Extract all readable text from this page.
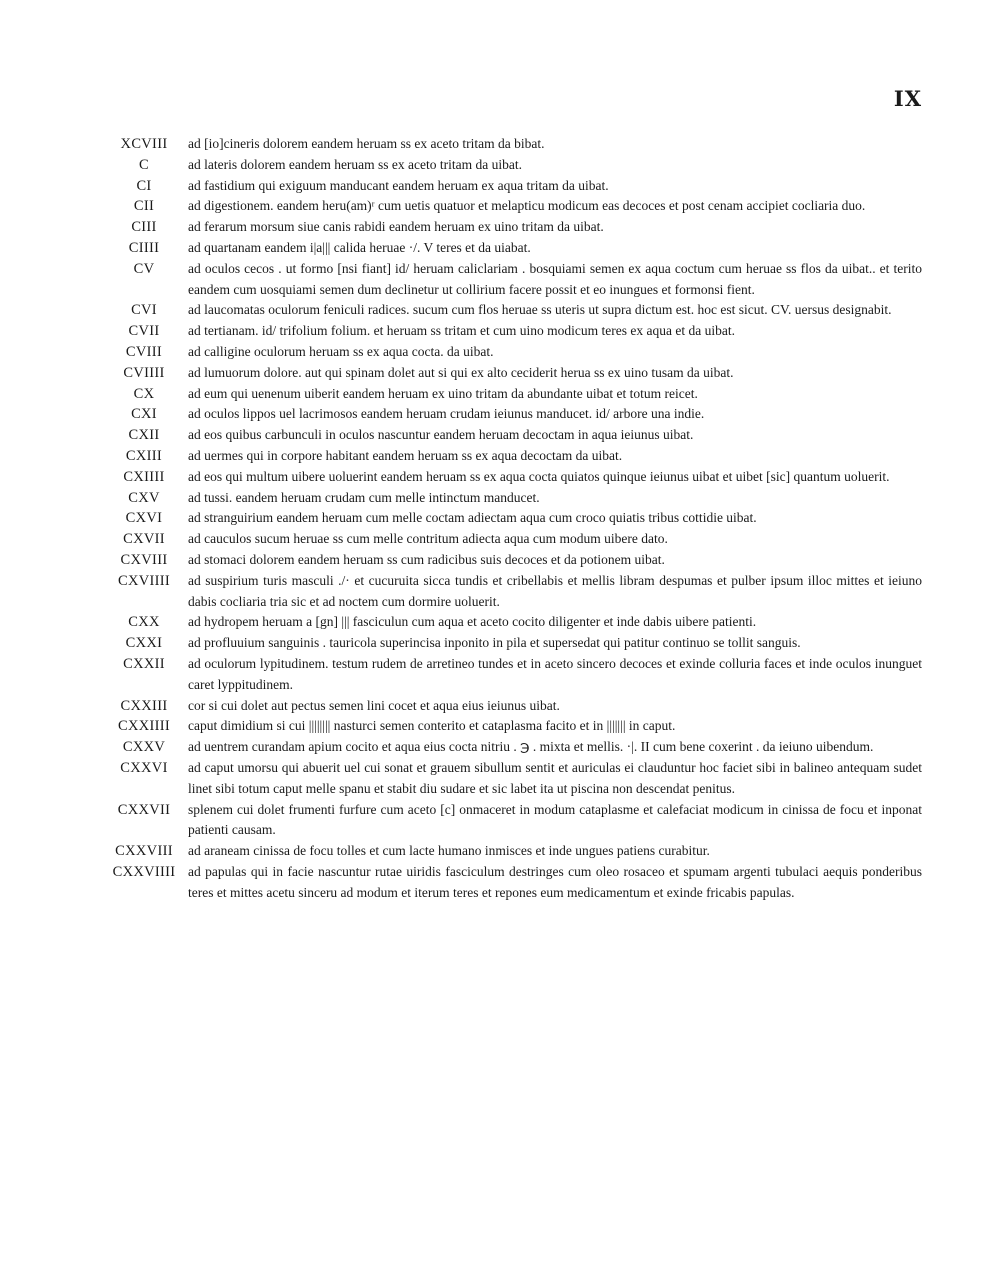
IX
XCVIII	ad [io]cineris dolorem eandem heruam ss ex aceto tritam da bibat.
C	ad lateris dolorem eandem heruam ss ex aceto tritam da uibat.
CI	ad fastidium qui exiguum manducant eandem heruam ex aqua tritam da uibat.
CII	ad digestionem. eandem heru(am)ʳ cum uetis quatuor et melapticu modicum eas decoces et post cenam accipiet cocliaria duo.
CIII	ad ferarum morsum siue canis rabidi eandem heruam ex uino tritam da uibat.
CIIII	ad quartanam eandem i|a||| calida heruae ·/. V teres et da uiabat.
CV	ad oculos cecos . ut formo [nsi fiant] id/ heruam caliclariam . bosquiami semen ex aqua coctum cum heruae ss flos da uibat.. et terito eandem cum uosquiami semen dum declinetur ut collirium facere possit et eo inungues et formonsi fient.
CVI	ad laucomatas oculorum feniculi radices. sucum cum flos heruae ss uteris ut supra dictum est. hoc est sicut. CV. uersus designabit.
CVII	ad tertianam. id/ trifolium folium. et heruam ss tritam et cum uino modicum teres ex aqua et da uibat.
CVIII	ad calligine oculorum heruam ss ex aqua cocta. da uibat.
CVIIII	ad lumuorum dolore. aut qui spinam dolet aut si qui ex alto ceciderit herua ss ex uino tusam da uibat.
CX	ad eum qui uenenum uiberit eandem heruam ex uino tritam da abundante uibat et totum reicet.
CXI	ad oculos lippos uel lacrimosos eandem heruam crudam ieiunus manducet. id/ arbore una indie.
CXII	ad eos quibus carbunculi in oculos nascuntur eandem heruam decoctam in aqua ieiunus uibat.
CXIII	ad uermes qui in corpore habitant eandem heruam ss ex aqua decoctam da uibat.
CXIIII	ad eos qui multum uibere uoluerint eandem heruam ss ex aqua cocta quiatos quinque ieiunus uibat et uibet [sic] quantum uoluerit.
CXV	ad tussi. eandem heruam crudam cum melle intinctum manducet.
CXVI	ad stranguirium eandem heruam cum melle coctam adiectam aqua cum croco quiatis tribus cottidie uibat.
CXVII	ad cauculos sucum heruae ss cum melle contritum adiecta aqua cum modum uibere dato.
CXVIII	ad stomaci dolorem eandem heruam ss cum radicibus suis decoces et da potionem uibat.
CXVIIII	ad suspirium turis masculi ./· et cucuruita sicca tundis et cribellabis et mellis libram despumas et pulber ipsum illoc mittes et ieiuno dabis cocliaria tria sic et ad noctem cum dormire uoluerit.
CXX	ad hydropem heruam a [gn] ||| fasciculun cum aqua et aceto cocito diligenter et inde dabis uibere patienti.
CXXI	ad profluuium sanguinis . tauricola superincisa inponito in pila et supersedat qui patitur continuo se tollit sanguis.
CXXII	ad oculorum lypitudinem. testum rudem de arretineo tundes et in aceto sincero decoces et exinde colluria faces et inde oculos inunguet caret lyppitudinem.
CXXIII	cor si cui dolet aut pectus semen lini cocet et aqua eius ieiunus uibat.
CXXIIII	caput dimidium si cui |||||||| nasturci semen conterito et cataplasma facito et in ||||||| in caput.
CXXV	ad uentrem curandam apium cocito et aqua eius cocta nitriu . ℈ . mixta et mellis. ·|. II cum bene coxerint . da ieiuno uibendum.
CXXVI	ad caput umorsu qui abuerit uel cui sonat et grauem sibullum sentit et auriculas ei clauduntur hoc faciet sibi in balineo antequam sudet linet sibi totum caput melle spanu et stabit diu sudare et sic labet ita ut piscina non descendat penitus.
CXXVII	splenem cui dolet frumenti furfure cum aceto [c] onmaceret in modum cataplasme et calefaciat modicum in cinissa de focu et inponat patienti causam.
CXXVIII	ad araneam cinissa de focu tolles et cum lacte humano inmisces et inde ungues patiens curabitur.
CXXVIIII ad papulas qui in facie nascuntur rutae uiridis fasciculum destringes cum oleo rosaceo et spumam argenti tubulaci aequis ponderibus teres et mittes acetu sinceru ad modum et iterum teres et repones eum medicamentum et exinde fricabis papulas.
